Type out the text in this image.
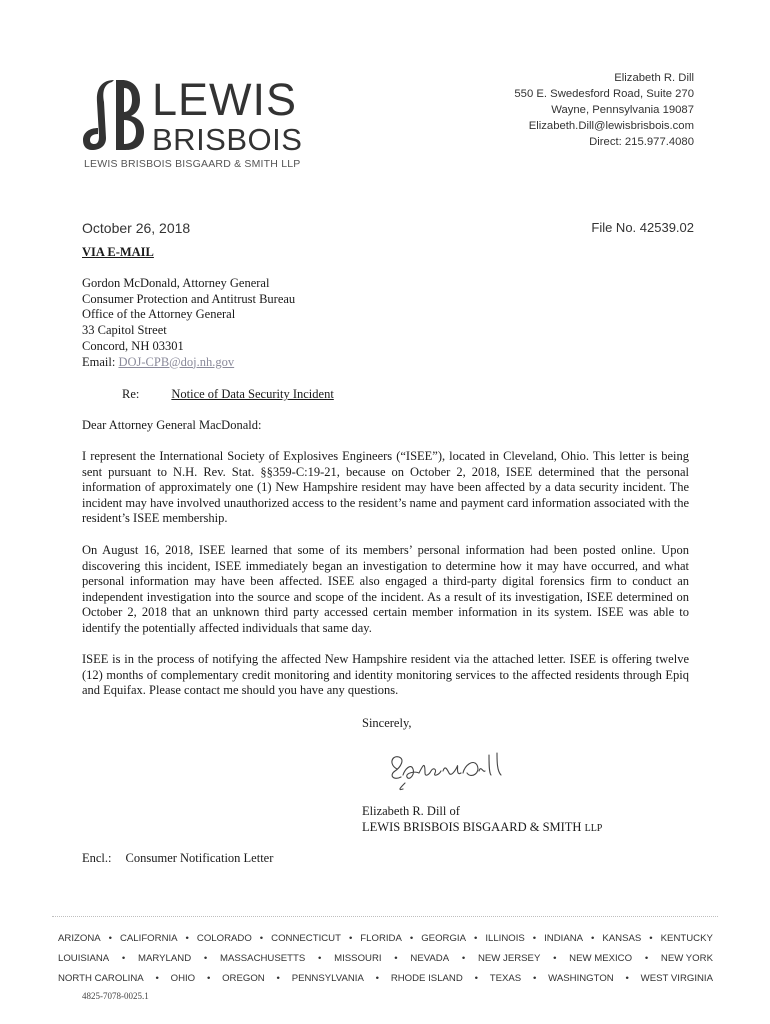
LEWIS
BRISBOIS
LEWIS BRISBOIS BISGAARD & SMITH LLP
Elizabeth R. Dill
550 E. Swedesford Road, Suite 270
Wayne, Pennsylvania 19087
Elizabeth.Dill@lewisbrisbois.com
Direct: 215.977.4080
October 26, 2018	File No. 42539.02
VIA E-MAIL
Gordon McDonald, Attorney General
Consumer Protection and Antitrust Bureau
Office of the Attorney General
33 Capitol Street
Concord, NH 03301
Email: DOJ-CPB@doj.nh.gov
Re:	Notice of Data Security Incident
Dear Attorney General MacDonald:
I represent the International Society of Explosives Engineers (“ISEE”), located in Cleveland, Ohio. This letter is being sent pursuant to N.H. Rev. Stat. §§359-C:19-21, because on October 2, 2018, ISEE determined that the personal information of approximately one (1) New Hampshire resident may have been affected by a data security incident. The incident may have involved unauthorized access to the resident’s name and payment card information associated with the resident’s ISEE membership.
On August 16, 2018, ISEE learned that some of its members’ personal information had been posted online. Upon discovering this incident, ISEE immediately began an investigation to determine how it may have occurred, and what personal information may have been affected. ISEE also engaged a third-party digital forensics firm to conduct an independent investigation into the source and scope of the incident. As a result of its investigation, ISEE determined on October 2, 2018 that an unknown third party accessed certain member information in its system. ISEE was able to identify the potentially affected individuals that same day.
ISEE is in the process of notifying the affected New Hampshire resident via the attached letter. ISEE is offering twelve (12) months of complementary credit monitoring and identity monitoring services to the affected residents through Epiq and Equifax. Please contact me should you have any questions.
Sincerely,
Elizabeth R. Dill of
LEWIS BRISBOIS BISGAARD & SMITH LLP
Encl.: Consumer Notification Letter
ARIZONA • CALIFORNIA • COLORADO • CONNECTICUT • FLORIDA • GEORGIA • ILLINOIS • INDIANA • KANSAS • KENTUCKY
LOUISIANA • MARYLAND • MASSACHUSETTS • MISSOURI • NEVADA • NEW JERSEY • NEW MEXICO • NEW YORK
NORTH CAROLINA • OHIO • OREGON • PENNSYLVANIA • RHODE ISLAND • TEXAS • WASHINGTON • WEST VIRGINIA
4825-7078-0025.1
